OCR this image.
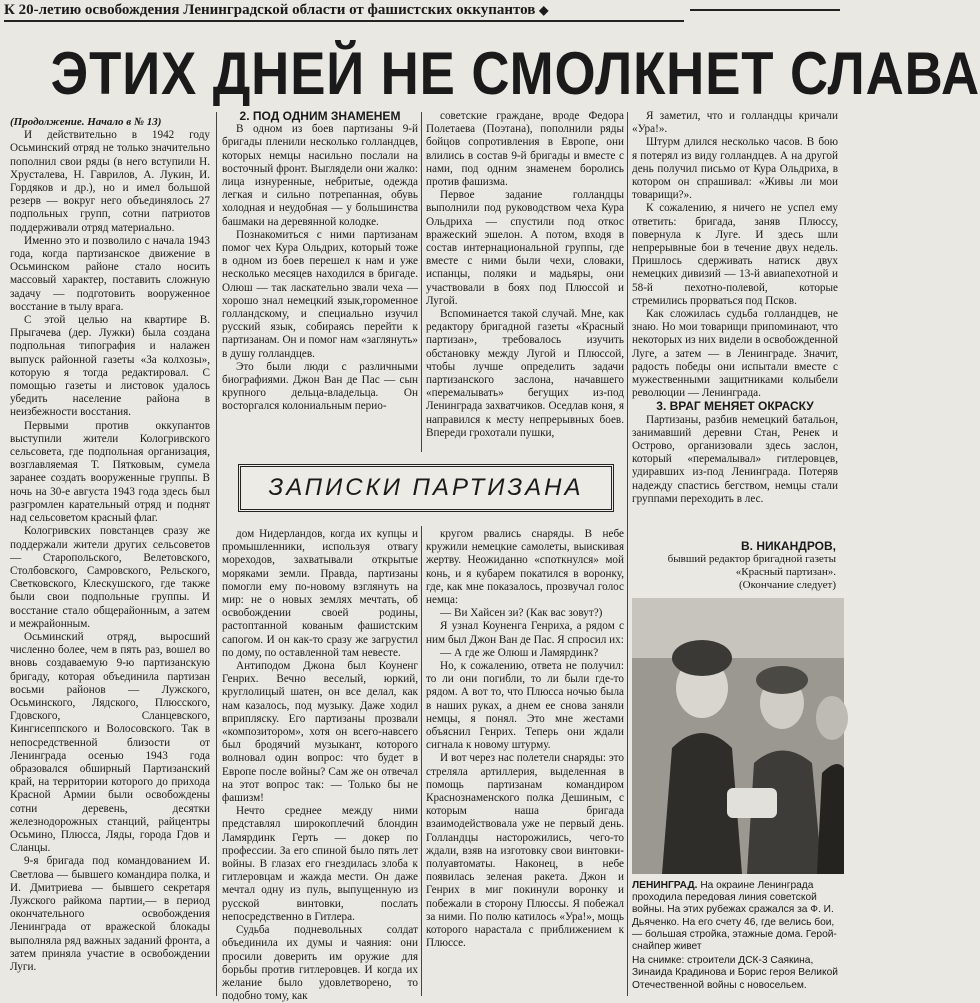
К 20-летию освобождения Ленинградской области от фашистских оккупантов ◆
ЭТИХ ДНЕЙ НЕ СМОЛКНЕТ СЛАВА

(Продолжение. Начало в № 13)

И действительно в 1942 году Осьминский отряд не только значительно пополнил свои ряды (в него вступили Н. Хрусталева, Н. Гаврилов, А. Лукин, И. Гордяков и др.), но и имел большой резерв — вокруг него объединялось 27 подпольных групп, сотни патриотов поддерживали отряд материально.

Именно это и позволило с начала 1943 года, когда партизанское движение в Осьминском районе стало носить массовый характер, поставить сложную задачу — подготовить вооруженное восстание в тылу врага.

С этой целью на квартире В. Прыгачева (дер. Лужки) была создана подпольная типография и налажен выпуск районной газеты «За колхозы», которую я тогда редактировал. С помощью газеты и листовок удалось убедить население района в неизбежности восстания.

Первыми против оккупантов выступили жители Кологривского сельсовета, где подпольная организация, возглавляемая Т. Пятковым, сумела заранее создать вооруженные группы. В ночь на 30-е августа 1943 года здесь был разгромлен карательный отряд и поднят над сельсоветом красный флаг.

Кологривских повстанцев сразу же поддержали жители других сельсоветов — Старопольского, Велетовского, Столбовского, Самровского, Рельского, Светковского, Клескушского, где также были свои подпольные группы. И восстание стало общерайонным, а затем и межрайонным.

Осьминский отряд, выросший численно более, чем в пять раз, вошел во вновь создаваемую 9-ю партизанскую бригаду, которая объединила партизан восьми районов — Лужского, Осьминского, Лядского, Плюсского, Гдовского, Сланцевского, Кингисеппского и Волосовского. Так в непосредственной близости от Ленинграда осенью 1943 года образовался обширный Партизанский край, на территории которого до прихода Красной Армии были освобождены сотни деревень, десятки железнодорожных станций, райцентры Осьмино, Плюсса, Ляды, города Гдов и Сланцы.

9-я бригада под командованием И. Светлова — бывшего командира полка, и И. Дмитриева — бывшего секретаря Лужского райкома партии,— в период окончательного освобождения Ленинграда от вражеской блокады выполняла ряд важных заданий фронта, а затем приняла участие в освобождении Луги.

2. ПОД ОДНИМ ЗНАМЕНЕМ

В одном из боев партизаны 9-й бригады пленили несколько голландцев, которых немцы насильно послали на восточный фронт. Выглядели они жалко: лица изнуренные, небритые, одежда легкая и сильно потрепанная, обувь холодная и неудобная — у большинства башмаки на деревянной колодке.

Познакомиться с ними партизанам помог чех Кура Ольдрих, который тоже в одном из боев перешел к нам и уже несколько месяцев находился в бригаде. Олюш — так ласкательно звали чеха — хорошо знал немецкий язык,ropoменное голландскому, и специально изучил русский язык, собираясь перейти к партизанам. Он и помог нам «заглянуть» в душу голландцев.

Это были люди с различными биографиями. Джон Ван де Пас — сын крупного дельца-владельца. Он восторгался колониальным перио-

советские граждане, вроде Федора Полетаева (Поэтана), пополнили ряды бойцов сопротивления в Европе, они влились в состав 9-й бригады и вместе с нами, под одним знаменем боролись против фашизма.

Первое задание голландцы выполнили под руководством чеха Кура Ольдриха — спустили под откос вражеский эшелон. А потом, входя в состав интернациональной группы, где вместе с ними были чехи, словаки, испанцы, поляки и мадьяры, они участвовали в боях под Плюссой и Лугой.

Вспоминается такой случай. Мне, как редактору бригадной газеты «Красный партизан», требовалось изучить обстановку между Лугой и Плюссой, чтобы лучше определить задачи партизанского заслона, начавшего «перемалывать» бегущих из-под Ленинграда захватчиков. Оседлав коня, я направился к месту непрерывных боев. Впереди грохотали пушки,

Я заметил, что и голландцы кричали «Ура!».

Штурм длился несколько часов. В бою я потерял из виду голландцев. А на другой день получил письмо от Кура Ольдриха, в котором он спрашивал: «Живы ли мои товарищи?».

К сожалению, я ничего не успел ему ответить: бригада, заняв Плюссу, повернула к Луге. И здесь шли непрерывные бои в течение двух недель. Пришлось сдерживать натиск двух немецких дивизий — 13-й авиапехотной и 58-й пехотно-полевой, которые стремились прорваться под Псков.

Как сложилась судьба голландцев, не знаю. Но мои товарищи припоминают, что некоторых из них видели в освобожденной Луге, а затем — в Ленинграде. Значит, радость победы они испытали вместе с мужественными защитниками колыбели революции — Ленинграда.

3. ВРАГ МЕНЯЕТ ОКРАСКУ

Партизаны, разбив немецкий батальон, занимавший деревни Стан, Ренек и Острово, организовали здесь заслон, который «перемалывал» гитлеровцев, удиравших из-под Ленинграда. Потеряв надежду спастись бегством, немцы стали группами переходить в лес.

ЗАПИСКИ ПАРТИЗАНА

дом Нидерландов, когда их купцы и промышленники, используя отвагу мореходов, захватывали открытые моряками земли. Правда, партизаны помогли ему по-новому взглянуть на мир: не о новых землях мечтать, об освобождении своей родины, растоптанной кованым фашистским сапогом. И он как-то сразу же загрустил по дому, по оставленной там невесте.

Антиподом Джона был Коуненг Генрих. Вечно веселый, юркий, круглолицый шатен, он все делал, как нам казалось, под музыку. Даже ходил вприпляску. Его партизаны прозвали «композитором», хотя он всего-навсего был бродячий музыкант, которого волновал один вопрос: что будет в Европе после войны? Сам же он отвечал на этот вопрос так: — Только бы не фашизм!

Нечто среднее между ними представлял широкоплечий блондин Ламярдинк Герть — докер по профессии. За его спиной было пять лет войны. В глазах его гнездилась злоба к гитлеровцам и жажда мести. Он даже мечтал одну из пуль, выпущенную из русской винтовки, послать непосредственно в Гитлера.

Судьба подневольных солдат объединила их думы и чаяния: они просили доверить им оружие для борьбы против гитлеровцев. И когда их желание было удовлетворено, то подобно тому, как

кругом рвались снаряды. В небе кружили немецкие самолеты, выискивая жертву. Неожиданно «споткнулся» мой конь, и я кубарем покатился в воронку, где, как мне показалось, прозвучал голос немца:

— Ви Хайсен зи? (Как вас зовут?)

Я узнал Коуненга Генриха, а рядом с ним был Джон Ван де Пас. Я спросил их:

— А где же Олюш и Ламярдинк?

Но, к сожалению, ответа не получил: то ли они погибли, то ли были где-то рядом. А вот то, что Плюсса ночью была в наших руках, а днем ее снова заняли немцы, я понял. Это мне жестами объяснил Генрих. Теперь они ждали сигнала к новому штурму.

И вот через нас полетели снаряды: это стреляла артиллерия, выделенная в помощь партизанам командиром Краснознаменского полка Дешиным, с которым наша бригада взаимодействовала уже не первый день. Голландцы насторожились, чего-то ждали, взяв на изготовку свои винтовки-полуавтоматы. Наконец, в небе появилась зеленая ракета. Джон и Генрих в миг покинули воронку и побежали в сторону Плюссы. Я побежал за ними. По полю катилось «Ура!», мощь которого нарастала с приближением к Плюссе.

В. НИКАНДРОВ,
бывший редактор бригадной газеты «Красный партизан».
(Окончание следует)
ЛЕНИНГРАД. На окраине Ленинграда проходила передовая линия советской войны. На этих рубежах сражался за Ф. И. Дьяченко. На его счету 46, где велись бои, — большая стройка, этажные дома. Герой-снайпер живет
На снимке: строители ДСК-3 Саякина, Зинаида Крадинова и Борис героя Великой Отечественной войны с новосельем.
